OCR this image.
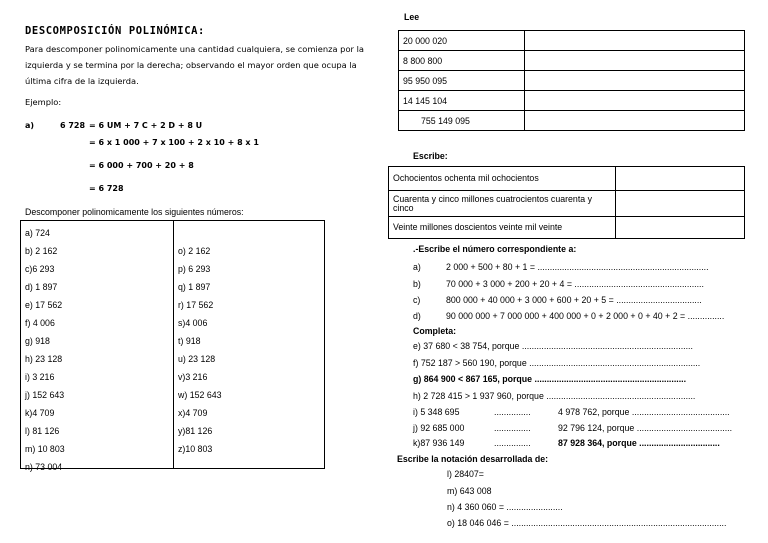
DESCOMPOSICIÓN POLINÓMICA:
Para descomponer polinomicamente una cantidad cualquiera, se comienza por la izquierda y se termina por la derecha; observando el mayor orden que ocupa la última cifra de la izquierda.
Ejemplo:
a)	6 728 = 6 UM + 7 C + 2 D + 8 U
= 6 x 1 000 + 7 x 100 + 2 x 10 + 8 x 1
= 6 000 + 700 + 20 + 8
= 6 728
Descomponer polinomicamente los siguientes números:
a) 724
b) 2 162
c)6 293
d) 1 897
e) 17 562
f) 4 006
g) 918
h) 23 128
i) 3 216
j) 152 643
k)4 709
l) 81 126
m) 10 803
n) 73 004
o) 2 162
p) 6 293
q) 1 897
r) 17 562
s)4 006
t) 918
u) 23 128
v)3 216
w) 152 643
x)4 709
y)81 126
z)10 803
Lee
20 000 020	
8 800 800	
95 950 095	
14 145 104	
755 149 095	
Escribe:
Ochocientos ochenta mil ochocientos	
Cuarenta y cinco millones cuatrocientos cuarenta y cinco	
Veinte millones doscientos veinte mil veinte	
.-Escribe el número correspondiente a:
a)	2 000 + 500 + 80 + 1 = ......................................................................
b)	70 000 + 3 000 + 200 + 20 + 4 = .....................................................
c)	800 000 + 40 000 + 3 000 + 600 + 20 + 5 = ...................................
d)	90 000 000 + 7 000 000 + 400 000 + 0 + 2 000 + 0 + 40 + 2 = ...............
Completa:
e) 37 680 < 38 754, porque ......................................................................
f) 752 187 > 560 190, porque ......................................................................
g) 864 900 < 867 165, porque ..............................................................
h) 2 728 415 > 1 937 960, porque .............................................................
i) 5 348 695	...............	4 978 762, porque ........................................
j) 92 685 000	...............	92 796 124, porque .......................................
k)87 936 149	...............	87 928 364, porque .................................
Escribe la notación desarrollada de:
l) 28407=
m) 643 008
n) 4 360 060 = .......................
o) 18 046 046 = ........................................................................................
